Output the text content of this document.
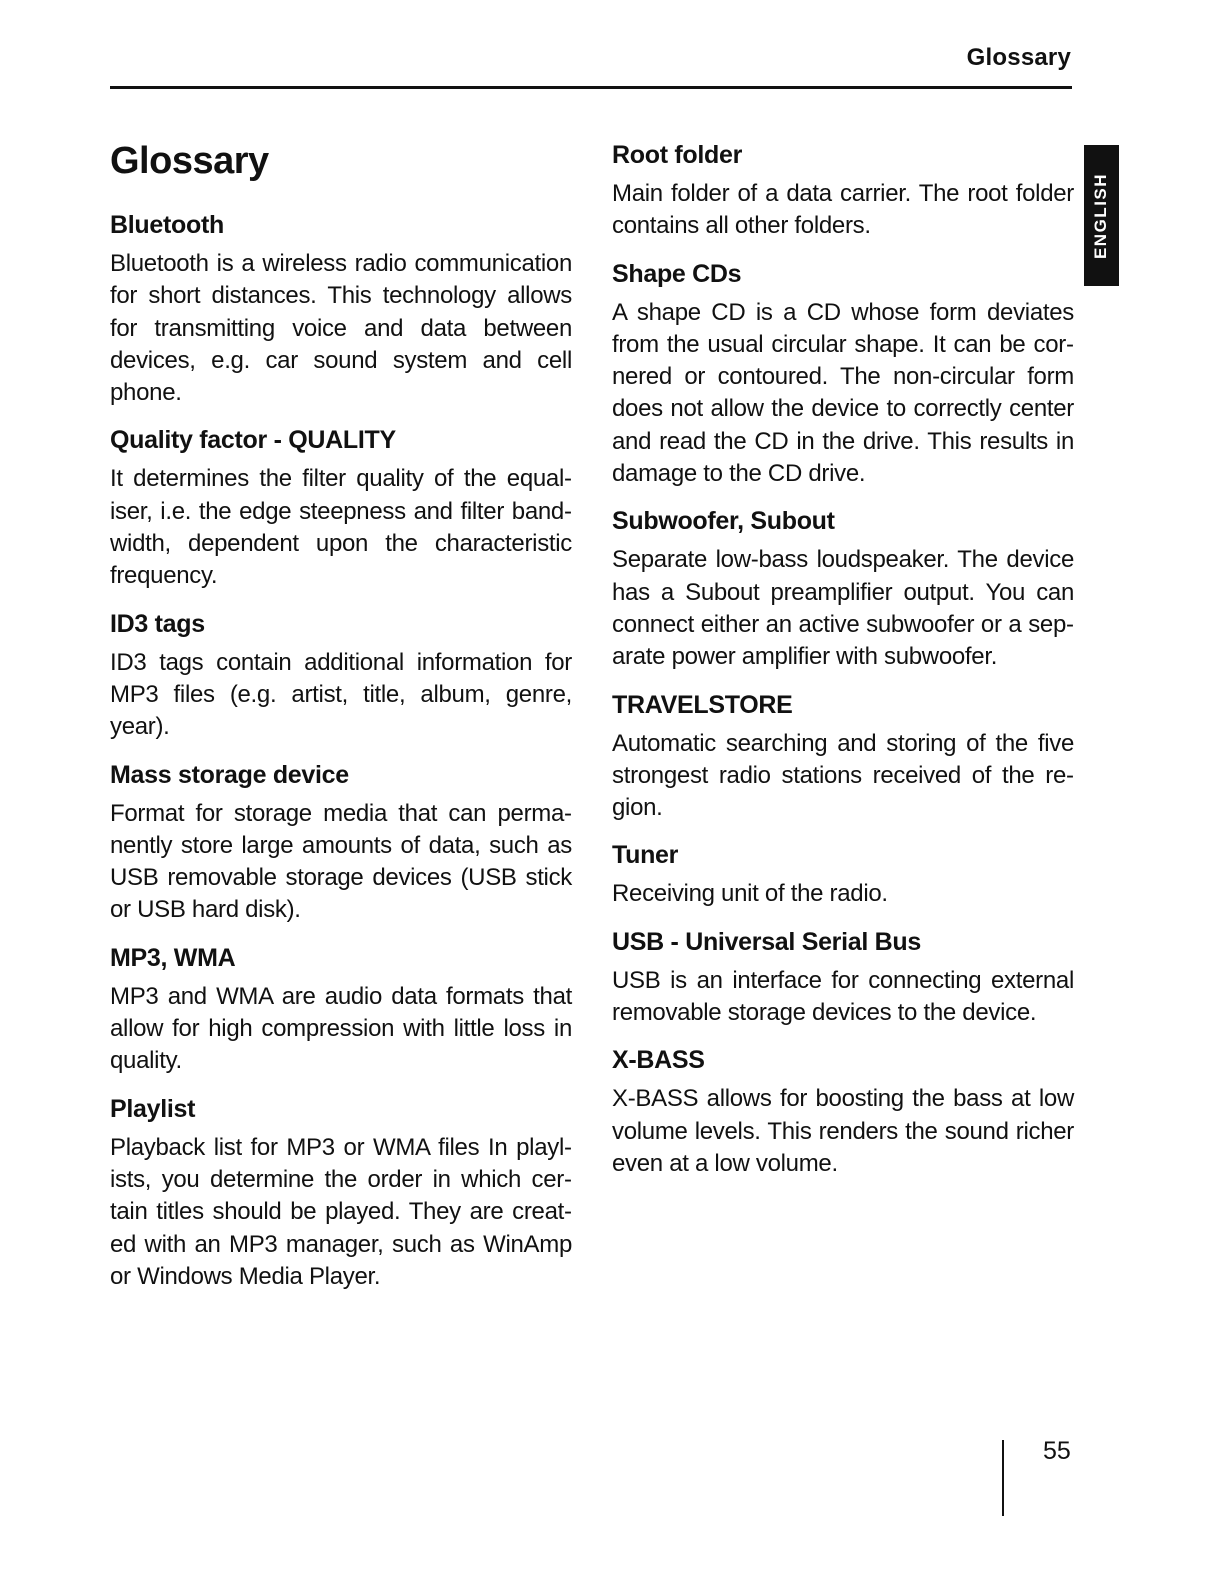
Glossary
ENGLISH
Glossary
Bluetooth

Bluetooth is a wireless radio communication for short distances. This technology allows for transmitting voice and data between devices, e.g. car sound system and cell phone.

Quality factor - QUALITY

It determines the filter quality of the equaliser, i.e. the edge steepness and filter bandwidth, dependent upon the characteristic frequency.

ID3 tags

ID3 tags contain additional information for MP3 files (e.g. artist, title, album, genre, year).

Mass storage device

Format for storage media that can permanently store large amounts of data, such as USB removable storage devices (USB stick or USB hard disk).

MP3, WMA

MP3 and WMA are audio data formats that allow for high compression with little loss in quality.

Playlist

Playback list for MP3 or WMA files In playlists, you determine the order in which certain titles should be played. They are created with an MP3 manager, such as WinAmp or Windows Media Player.

Root folder

Main folder of a data carrier. The root folder contains all other folders.

Shape CDs

A shape CD is a CD whose form deviates from the usual circular shape. It can be cornered or contoured. The non-circular form does not allow the device to correctly center and read the CD in the drive. This results in damage to the CD drive.

Subwoofer, Subout

Separate low-bass loudspeaker. The device has a Subout preamplifier output. You can connect either an active subwoofer or a separate power amplifier with subwoofer.

TRAVELSTORE

Automatic searching and storing of the five strongest radio stations received of the region.

Tuner

Receiving unit of the radio.

USB - Universal Serial Bus

USB is an interface for connecting external removable storage devices to the device.

X-BASS

X-BASS allows for boosting the bass at low volume levels. This renders the sound richer even at a low volume.

55
